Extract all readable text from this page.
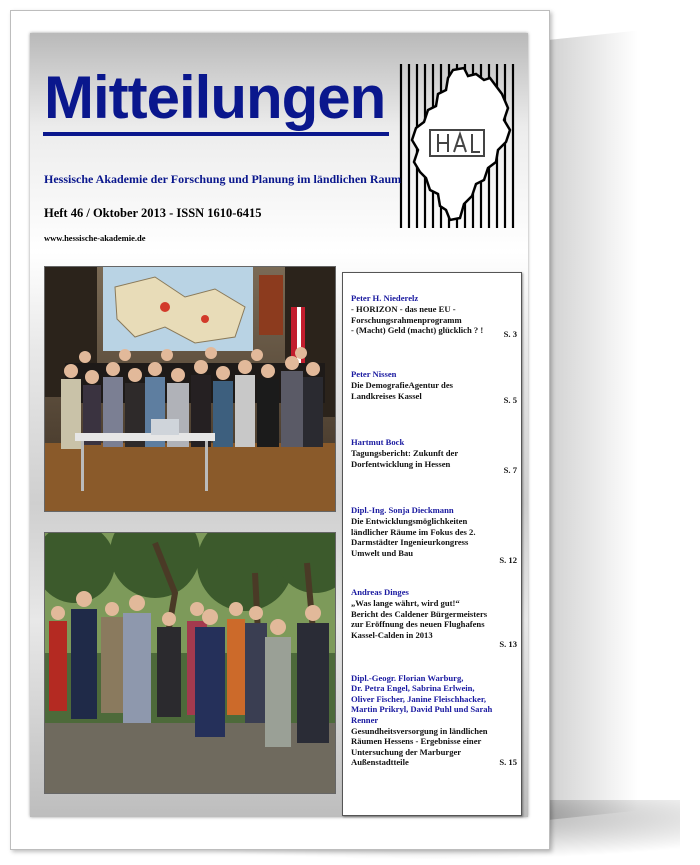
Mitteilungen
HAL
Hessische Akademie der Forschung und Planung im ländlichen Raum
Heft 46 / Oktober 2013 - ISSN 1610-6415
www.hessische-akademie.de
Peter H. Niederelz
- HORIZON - das neue EU -
Forschungsrahmenprogramm
- (Macht) Geld (macht) glücklich ? !	S. 3
Peter Nissen
Die DemografieAgentur des
Landkreises Kassel	S. 5
Hartmut Bock
Tagungsbericht: Zukunft der
Dorfentwicklung in Hessen
S. 7
Dipl.-Ing. Sonja Dieckmann
Die Entwicklungsmöglichkeiten
ländlicher Räume im Fokus des 2.
Darmstädter Ingenieurkongress
Umwelt und Bau
S. 12
Andreas Dinges
„Was lange währt, wird gut!“
Bericht des Caldener Bürgermeisters
zur Eröffnung des neuen Flughafens
Kassel-Calden in 2013
S. 13
Dipl.-Geogr. Florian Warburg,
Dr. Petra Engel, Sabrina Erlwein,
Oliver Fischer, Janine Fleischhacker,
Martin Prikryl, David Puhl und Sarah
Renner
Gesundheitsversorgung in ländlichen
Räumen Hessens - Ergebnisse einer
Untersuchung der Marburger
Außenstadtteile	S. 15
